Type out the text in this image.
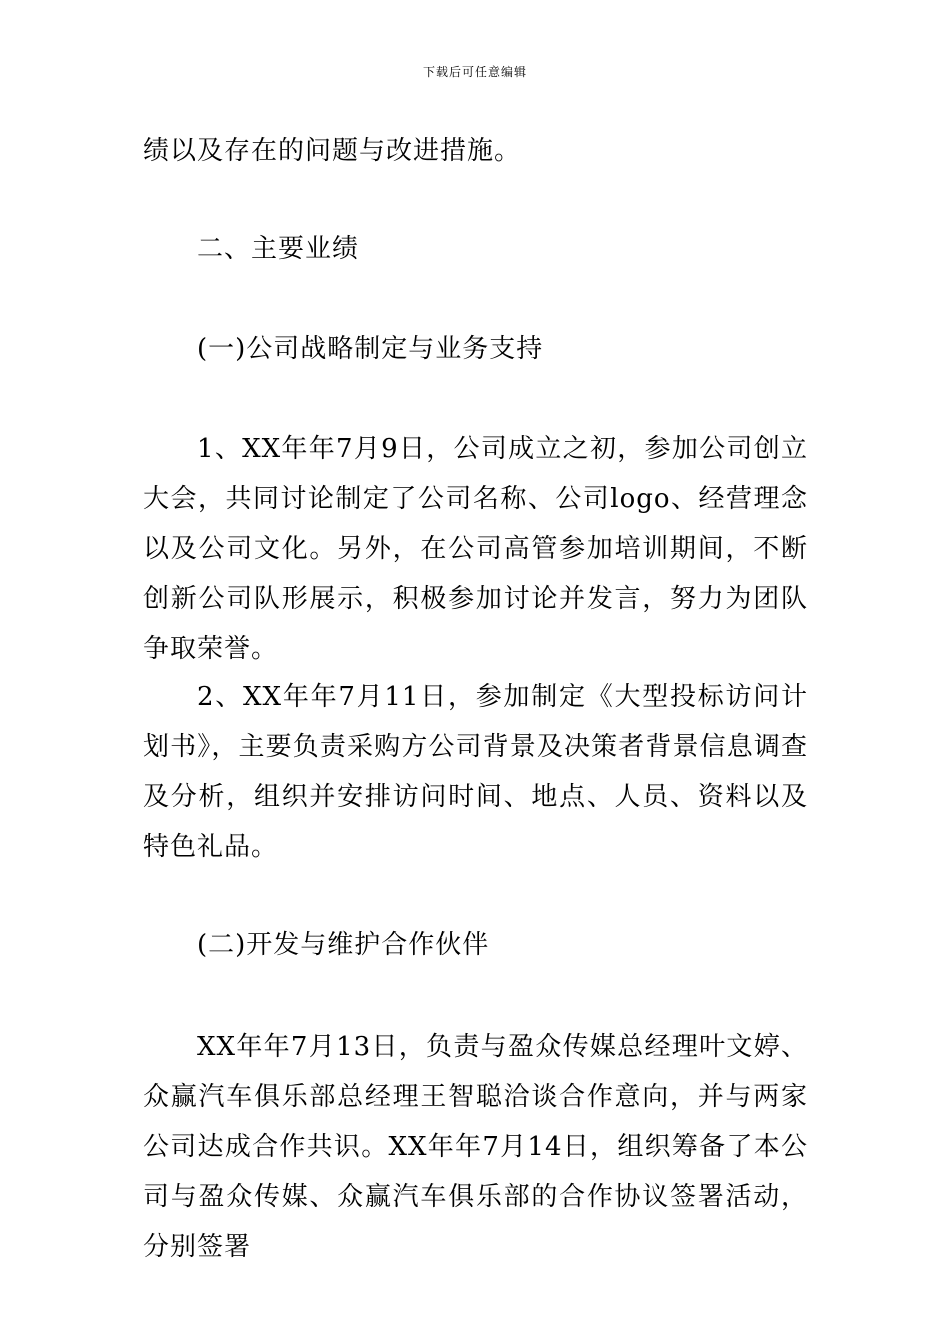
下载后可任意编辑

绩以及存在的问题与改进措施。

二、主要业绩

(一)公司战略制定与业务支持

1、XX年年7月9日，公司成立之初，参加公司创立大会，共同讨论制定了公司名称、公司logo、经营理念以及公司文化。另外，在公司高管参加培训期间，不断创新公司队形展示，积极参加讨论并发言，努力为团队争取荣誉。

2、XX年年7月11日，参加制定《大型投标访问计划书》，主要负责采购方公司背景及决策者背景信息调查及分析，组织并安排访问时间、地点、人员、资料以及特色礼品。

(二)开发与维护合作伙伴

XX年年7月13日，负责与盈众传媒总经理叶文婷、众赢汽车俱乐部总经理王智聪洽谈合作意向，并与两家公司达成合作共识。XX年年7月14日，组织筹备了本公司与盈众传媒、众赢汽车俱乐部的合作协议签署活动，分别签署
